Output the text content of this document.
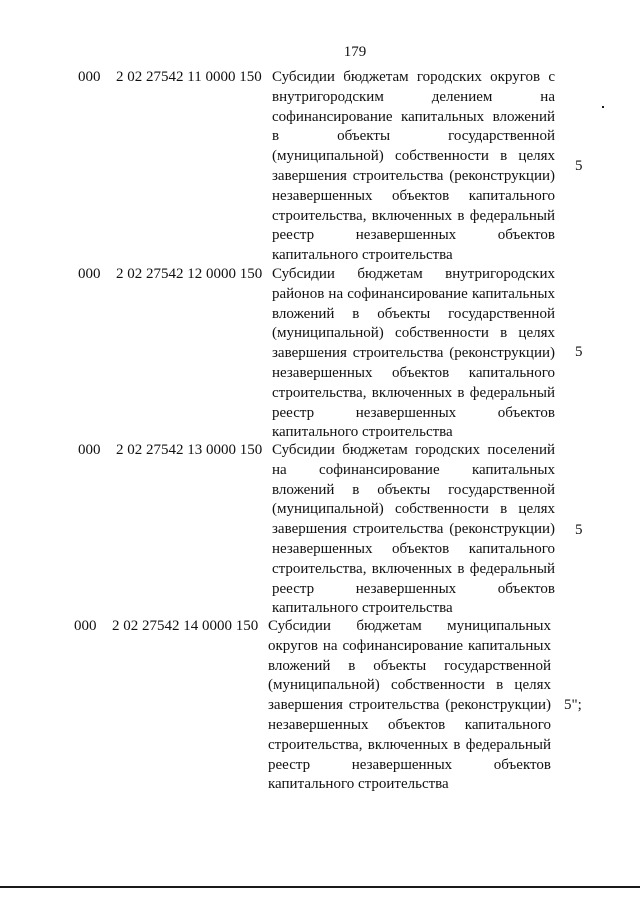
179
000 2 02 27542 11 0000 150 Субсидии бюджетам городских округов с внутригородским делением на софинансирование капитальных вложений в объекты государственной (муниципальной) собственности в целях завершения строительства (реконструкции) незавершенных объектов капитального строительства, включенных в федеральный реестр незавершенных объектов капитального строительства
5
000 2 02 27542 12 0000 150 Субсидии бюджетам внутригородских районов на софинансирование капитальных вложений в объекты государственной (муниципальной) собственности в целях завершения строительства (реконструкции) незавершенных объектов капитального строительства, включенных в федеральный реестр незавершенных объектов капитального строительства
5
000 2 02 27542 13 0000 150 Субсидии бюджетам городских поселений на софинансирование капитальных вложений в объекты государственной (муниципальной) собственности в целях завершения строительства (реконструкции) незавершенных объектов капитального строительства, включенных в федеральный реестр незавершенных объектов капитального строительства
5
000 2 02 27542 14 0000 150 Субсидии бюджетам муниципальных округов на софинансирование капитальных вложений в объекты государственной (муниципальной) собственности в целях завершения строительства (реконструкции) незавершенных объектов капитального строительства, включенных в федеральный реестр незавершенных объектов капитального строительства
5";
